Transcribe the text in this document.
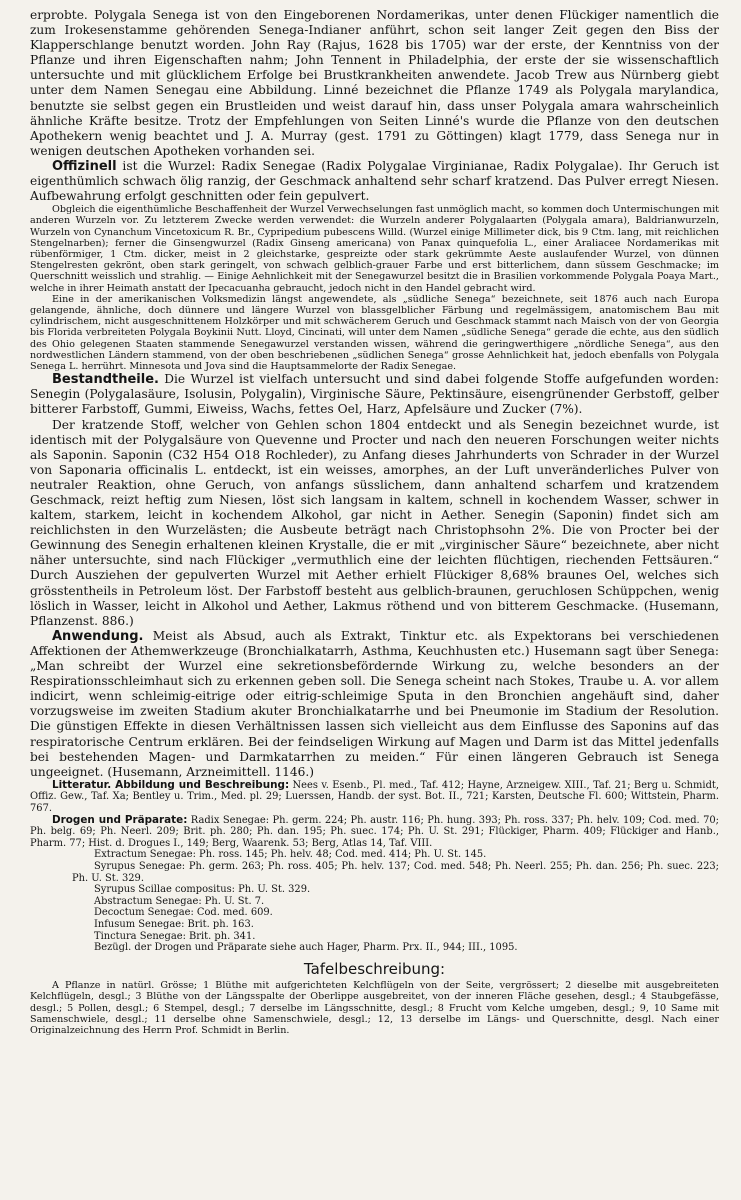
erprobte. Polygala Senega ist von den Eingeborenen Nordamerikas, unter denen Flückiger namentlich die zum Irokesenstamme gehörenden Senega-Indianer anführt, schon seit langer Zeit gegen den Biss der Klapperschlange benutzt worden. John Ray (Rajus, 1628 bis 1705) war der erste, der Kenntniss von der Pflanze und ihren Eigenschaften nahm; John Tennent in Philadelphia, der erste der sie wissenschaftlich untersuchte und mit glücklichem Erfolge bei Brustkrankheiten anwendete. Jacob Trew aus Nürnberg giebt unter dem Namen Senegau eine Abbildung. Linné bezeichnet die Pflanze 1749 als Polygala marylandica, benutzte sie selbst gegen ein Brustleiden und weist darauf hin, dass unser Polygala amara wahrscheinlich ähnliche Kräfte besitze. Trotz der Empfehlungen von Seiten Linné's wurde die Pflanze von den deutschen Apothekern wenig beachtet und J. A. Murray (gest. 1791 zu Göttingen) klagt 1779, dass Senega nur in wenigen deutschen Apotheken vorhanden sei.

Offizinell ist die Wurzel: Radix Senegae (Radix Polygalae Virginianae, Radix Polygalae). Ihr Geruch ist eigenthümlich schwach ölig ranzig, der Geschmack anhaltend sehr scharf kratzend. Das Pulver erregt Niesen. Aufbewahrung erfolgt geschnitten oder fein gepulvert.

Obgleich die eigenthümliche Beschaffenheit der Wurzel Verwechselungen fast unmöglich macht, so kommen doch Untermischungen mit anderen Wurzeln vor. Zu letzterem Zwecke werden verwendet: die Wurzeln anderer Polygalaarten (Polygala amara), Baldrianwurzeln, Wurzeln von Cynanchum Vincetoxicum R. Br., Cypripedium pubescens Willd. (Wurzel einige Millimeter dick, bis 9 Ctm. lang, mit reichlichen Stengelnarben); ferner die Ginsengwurzel (Radix Ginseng americana) von Panax quinquefolia L., einer Araliacee Nordamerikas mit rübenförmiger, 1 Ctm. dicker, meist in 2 gleichstarke, gespreizte oder stark gekrümmte Aeste auslaufender Wurzel, von dünnen Stengelresten gekrönt, oben stark geringelt, von schwach gelblich-grauer Farbe und erst bitterlichem, dann süssem Geschmacke; im Querschnitt weisslich und strahlig. — Einige Aehnlichkeit mit der Senegawurzel besitzt die in Brasilien vorkommende Polygala Poaya Mart., welche in ihrer Heimath anstatt der Ipecacuanha gebraucht, jedoch nicht in den Handel gebracht wird.

Eine in der amerikanischen Volksmedizin längst angewendete, als „südliche Senega“ bezeichnete, seit 1876 auch nach Europa gelangende, ähnliche, doch dünnere und längere Wurzel von blassgelblicher Färbung und regelmässigem, anatomischem Bau mit cylindrischem, nicht ausgeschnittenem Holzkörper und mit schwächerem Geruch und Geschmack stammt nach Maisch von der von Georgia bis Florida verbreiteten Polygala Boykinii Nutt. Lloyd, Cincinati, will unter dem Namen „südliche Senega“ gerade die echte, aus den südlich des Ohio gelegenen Staaten stammende Senegawurzel verstanden wissen, während die geringwerthigere „nördliche Senega“, aus den nordwestlichen Ländern stammend, von der oben beschriebenen „südlichen Senega“ grosse Aehnlichkeit hat, jedoch ebenfalls von Polygala Senega L. herrührt. Minnesota und Jova sind die Hauptsammelorte der Radix Senegae.

Bestandtheile. Die Wurzel ist vielfach untersucht und sind dabei folgende Stoffe aufgefunden worden: Senegin (Polygalasäure, Isolusin, Polygalin), Virginische Säure, Pektinsäure, eisengrünender Gerbstoff, gelber bitterer Farbstoff, Gummi, Eiweiss, Wachs, fettes Oel, Harz, Apfelsäure und Zucker (7%).

Der kratzende Stoff, welcher von Gehlen schon 1804 entdeckt und als Senegin bezeichnet wurde, ist identisch mit der Polygalsäure von Quevenne und Procter und nach den neueren Forschungen weiter nichts als Saponin. Saponin (C32 H54 O18 Rochleder), zu Anfang dieses Jahrhunderts von Schrader in der Wurzel von Saponaria officinalis L. entdeckt, ist ein weisses, amorphes, an der Luft unveränderliches Pulver von neutraler Reaktion, ohne Geruch, von anfangs süsslichem, dann anhaltend scharfem und kratzendem Geschmack, reizt heftig zum Niesen, löst sich langsam in kaltem, schnell in kochendem Wasser, schwer in kaltem, starkem, leicht in kochendem Alkohol, gar nicht in Aether. Senegin (Saponin) findet sich am reichlichsten in den Wurzelästen; die Ausbeute beträgt nach Christophsohn 2%. Die von Procter bei der Gewinnung des Senegin erhaltenen kleinen Krystalle, die er mit „virginischer Säure“ bezeichnete, aber nicht näher untersuchte, sind nach Flückiger „vermuthlich eine der leichten flüchtigen, riechenden Fettsäuren.“ Durch Ausziehen der gepulverten Wurzel mit Aether erhielt Flückiger 8,68% braunes Oel, welches sich grösstentheils in Petroleum löst. Der Farbstoff besteht aus gelblich-braunen, geruchlosen Schüppchen, wenig löslich in Wasser, leicht in Alkohol und Aether, Lakmus röthend und von bitterem Geschmacke. (Husemann, Pflanzenst. 886.)

Anwendung. Meist als Absud, auch als Extrakt, Tinktur etc. als Expektorans bei verschiedenen Affektionen der Athemwerkzeuge (Bronchialkatarrh, Asthma, Keuchhusten etc.) Husemann sagt über Senega: „Man schreibt der Wurzel eine sekretionsbefördernde Wirkung zu, welche besonders an der Respirationsschleimhaut sich zu erkennen geben soll. Die Senega scheint nach Stokes, Traube u. A. vor allem indicirt, wenn schleimig-eitrige oder eitrig-schleimige Sputa in den Bronchien angehäuft sind, daher vorzugsweise im zweiten Stadium akuter Bronchialkatarrhe und bei Pneumonie im Stadium der Resolution. Die günstigen Effekte in diesen Verhältnissen lassen sich vielleicht aus dem Einflusse des Saponins auf das respiratorische Centrum erklären. Bei der feindseligen Wirkung auf Magen und Darm ist das Mittel jedenfalls bei bestehenden Magen- und Darmkatarrhen zu meiden.“ Für einen längeren Gebrauch ist Senega ungeeignet. (Husemann, Arzneimittell. 1146.)

Litteratur. Abbildung und Beschreibung: Nees v. Esenb., Pl. med., Taf. 412; Hayne, Arzneigew. XIII., Taf. 21; Berg u. Schmidt, Offiz. Gew., Taf. Xa; Bentley u. Trim., Med. pl. 29; Luerssen, Handb. der syst. Bot. II., 721; Karsten, Deutsche Fl. 600; Wittstein, Pharm. 767.

Drogen und Präparate: Radix Senegae: Ph. germ. 224; Ph. austr. 116; Ph. hung. 393; Ph. ross. 337; Ph. helv. 109; Cod. med. 70; Ph. belg. 69; Ph. Neerl. 209; Brit. ph. 280; Ph. dan. 195; Ph. suec. 174; Ph. U. St. 291; Flückiger, Pharm. 409; Flückiger and Hanb., Pharm. 77; Hist. d. Drogues I., 149; Berg, Waarenk. 53; Berg, Atlas 14, Taf. VIII.

Extractum Senegae: Ph. ross. 145; Ph. helv. 48; Cod. med. 414; Ph. U. St. 145.

Syrupus Senegae: Ph. germ. 263; Ph. ross. 405; Ph. helv. 137; Cod. med. 548; Ph. Neerl. 255; Ph. dan. 256; Ph. suec. 223; Ph. U. St. 329.

Syrupus Scillae compositus: Ph. U. St. 329.

Abstractum Senegae: Ph. U. St. 7.

Decoctum Senegae: Cod. med. 609.

Infusum Senegae: Brit. ph. 163.

Tinctura Senegae: Brit. ph. 341.

Bezügl. der Drogen und Präparate siehe auch Hager, Pharm. Prx. II., 944; III., 1095.

Tafelbeschreibung:

A Pflanze in natürl. Grösse; 1 Blüthe mit aufgerichteten Kelchflügeln von der Seite, vergrössert; 2 dieselbe mit ausgebreiteten Kelchflügeln, desgl.; 3 Blüthe von der Längsspalte der Oberlippe ausgebreitet, von der inneren Fläche gesehen, desgl.; 4 Staubgefässe, desgl.; 5 Pollen, desgl.; 6 Stempel, desgl.; 7 derselbe im Längsschnitte, desgl.; 8 Frucht vom Kelche umgeben, desgl.; 9, 10 Same mit Samenschwiele, desgl.; 11 derselbe ohne Samenschwiele, desgl.; 12, 13 derselbe im Längs- und Querschnitte, desgl. Nach einer Originalzeichnung des Herrn Prof. Schmidt in Berlin.
